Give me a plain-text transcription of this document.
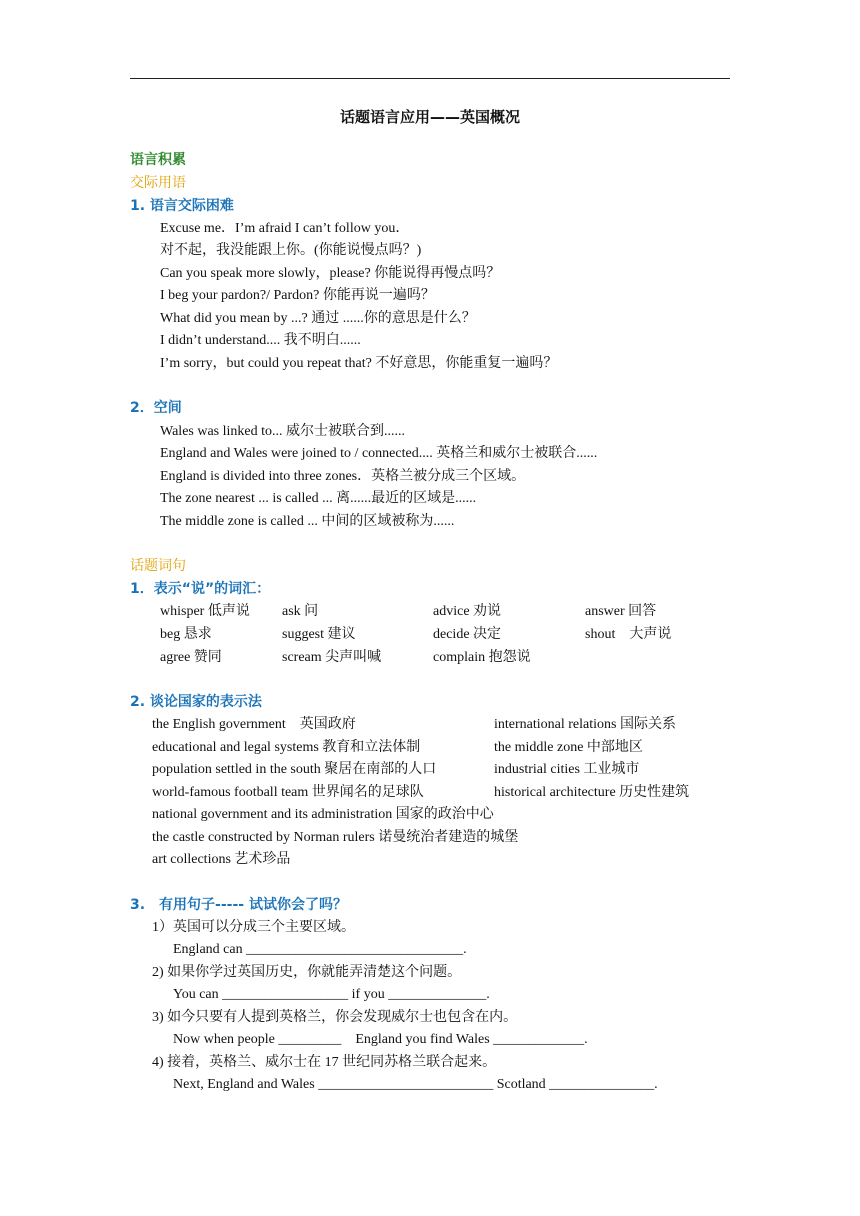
话题语言应用——英国概况
语言积累
交际用语
1. 语言交际困难
Excuse me．I’m afraid I can’t follow you．
对不起，我没能跟上你。(你能说慢点吗？)
Can you speak more slowly，please? 你能说得再慢点吗？
I beg your pardon?/ Pardon? 你能再说一遍吗？
What did you mean by ...? 通过 ......你的意思是什么？
I didn’t understand.... 我不明白......
I’m sorry，but could you repeat that? 不好意思，你能重复一遍吗？
2．空间
Wales was linked to... 威尔士被联合到......
England and Wales were joined to / connected.... 英格兰和威尔士被联合......
England is divided into three zones．英格兰被分成三个区域。
The zone nearest ... is called ... 离......最近的区域是......
The middle zone is called ... 中间的区域被称为......
话题词句
1．表示“说”的词汇：
whisper 低声说 ask 问	advice 劝说	answer 回答
beg 恳求	suggest 建议	decide 决定	shout　大声说
agree 赞同	scream 尖声叫喊	complain 抱怨说
2. 谈论国家的表示法
the English government　英国政府	international relations 国际关系
educational and legal systems 教育和立法体制	the middle zone 中部地区
population settled in the south 聚居在南部的人口	industrial cities 工业城市
world-famous football team 世界闻名的足球队	historical architecture 历史性建筑
national government and its administration 国家的政治中心
the castle constructed by Norman rulers 诺曼统治者建造的城堡
art collections 艺术珍品
3.　有用句子----- 试试你会了吗？
1）英国可以分成三个主要区域。
England can _______________________________.
2) 如果你学过英国历史，你就能弄清楚这个问题。
You can __________________ if you ______________.
3) 如今只要有人提到英格兰，你会发现威尔士也包含在内。
Now when people _________　England you find Wales _____________.
4) 接着，英格兰、威尔士在 17 世纪同苏格兰联合起来。
Next, England and Wales _________________________ Scotland _______________.
